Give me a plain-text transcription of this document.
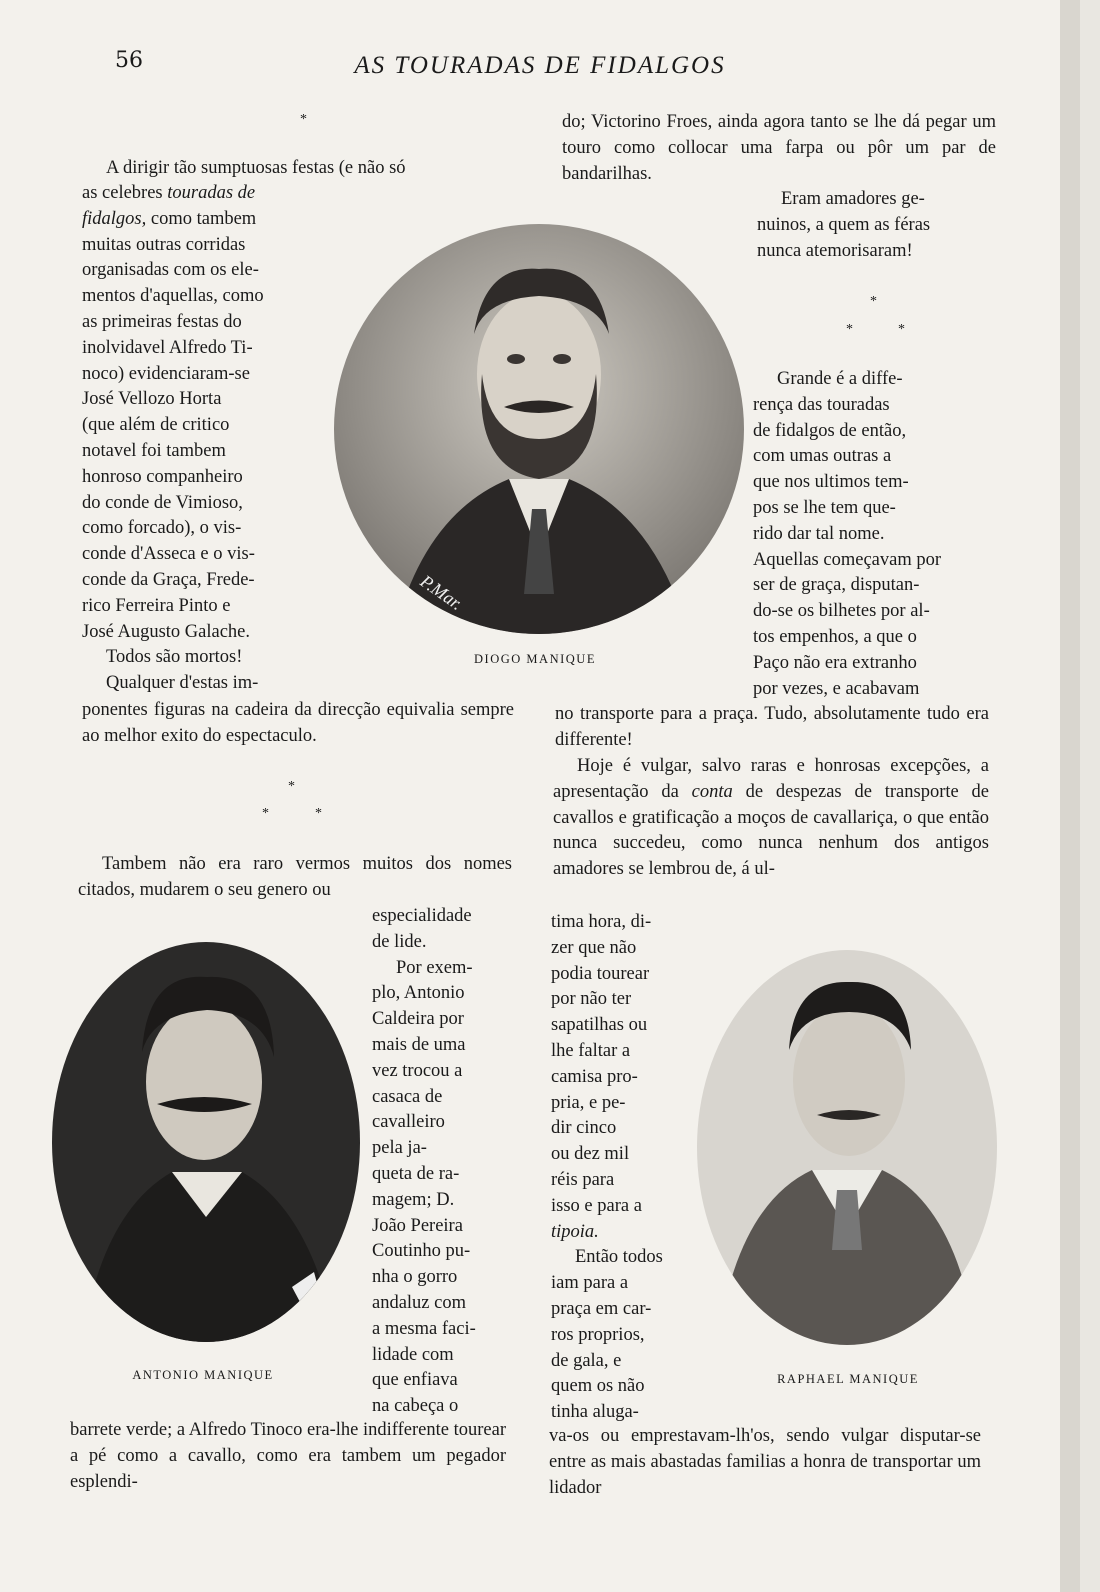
56	AS TOURADAS DE FIDALGOS
*

A dirigir tão sumptuosas festas (e não só

as celebres touradas de

fidalgos, como tambem

muitas outras corridas

organisadas com os ele-

mentos d'aquellas, como

as primeiras festas do

inolvidavel Alfredo Ti-

noco) evidenciaram-se

José Vellozo Horta

(que além de critico

notavel foi tambem

honroso companheiro

do conde de Vimioso,

como forcado), o vis-

conde d'Asseca e o vis-

conde da Graça, Frede-

rico Ferreira Pinto e

José Augusto Galache.

Todos são mortos!

Qualquer d'estas im-

ponentes figuras na cadeira da direcção equivalia sempre ao melhor exito do espectaculo.
*
*	*

Tambem não era raro vermos muitos dos nomes citados, mudarem o seu genero ou

especialidade

de lide.

Por exem-

plo, Antonio

Caldeira por

mais de uma

vez trocou a

casaca de

cavalleiro

pela ja-

queta de ra-

magem; D.

João Pereira

Coutinho pu-

nha o gorro

andaluz com

a mesma faci-

lidade com

que enfiava

na cabeça o

barrete verde; a Alfredo Tinoco era-lhe indifferente tourear a pé como a cavallo, como era tambem um pegador esplendi-
P.Mar.
DIOGO MANIQUE
ANTONIO MANIQUE	RAPHAEL MANIQUE
do; Victorino Froes, ainda agora tanto se lhe dá pegar um touro como collocar uma farpa ou pôr um par de bandarilhas.

Eram amadores ge-

nuinos, a quem as féras

nunca atemorisaram!

*
*	*

Grande é a diffe-

rença das touradas

de fidalgos de então,

com umas outras a

que nos ultimos tem-

pos se lhe tem que-

rido dar tal nome.

Aquellas começavam por

ser de graça, disputan-

do-se os bilhetes por al-

tos empenhos, a que o

Paço não era extranho

por vezes, e acabavam

no transporte para a praça. Tudo, absolutamente tudo era differente!

Hoje é vulgar, salvo raras e honrosas excepções, a apresentação da conta de despezas de transporte de cavallos e gratificação a moços de cavallariça, o que então nunca succedeu, como nunca nenhum dos antigos amadores se lembrou de, á ul-

tima hora, di-

zer que não

podia tourear

por não ter

sapatilhas ou

lhe faltar a

camisa pro-

pria, e pe-

dir cinco

ou dez mil

réis para

isso e para a

tipoia.

Então todos

iam para a

praça em car-

ros proprios,

de gala, e

quem os não

tinha aluga-

va-os ou emprestavam-lh'os, sendo vulgar disputar-se entre as mais abastadas familias a honra de transportar um lidador
